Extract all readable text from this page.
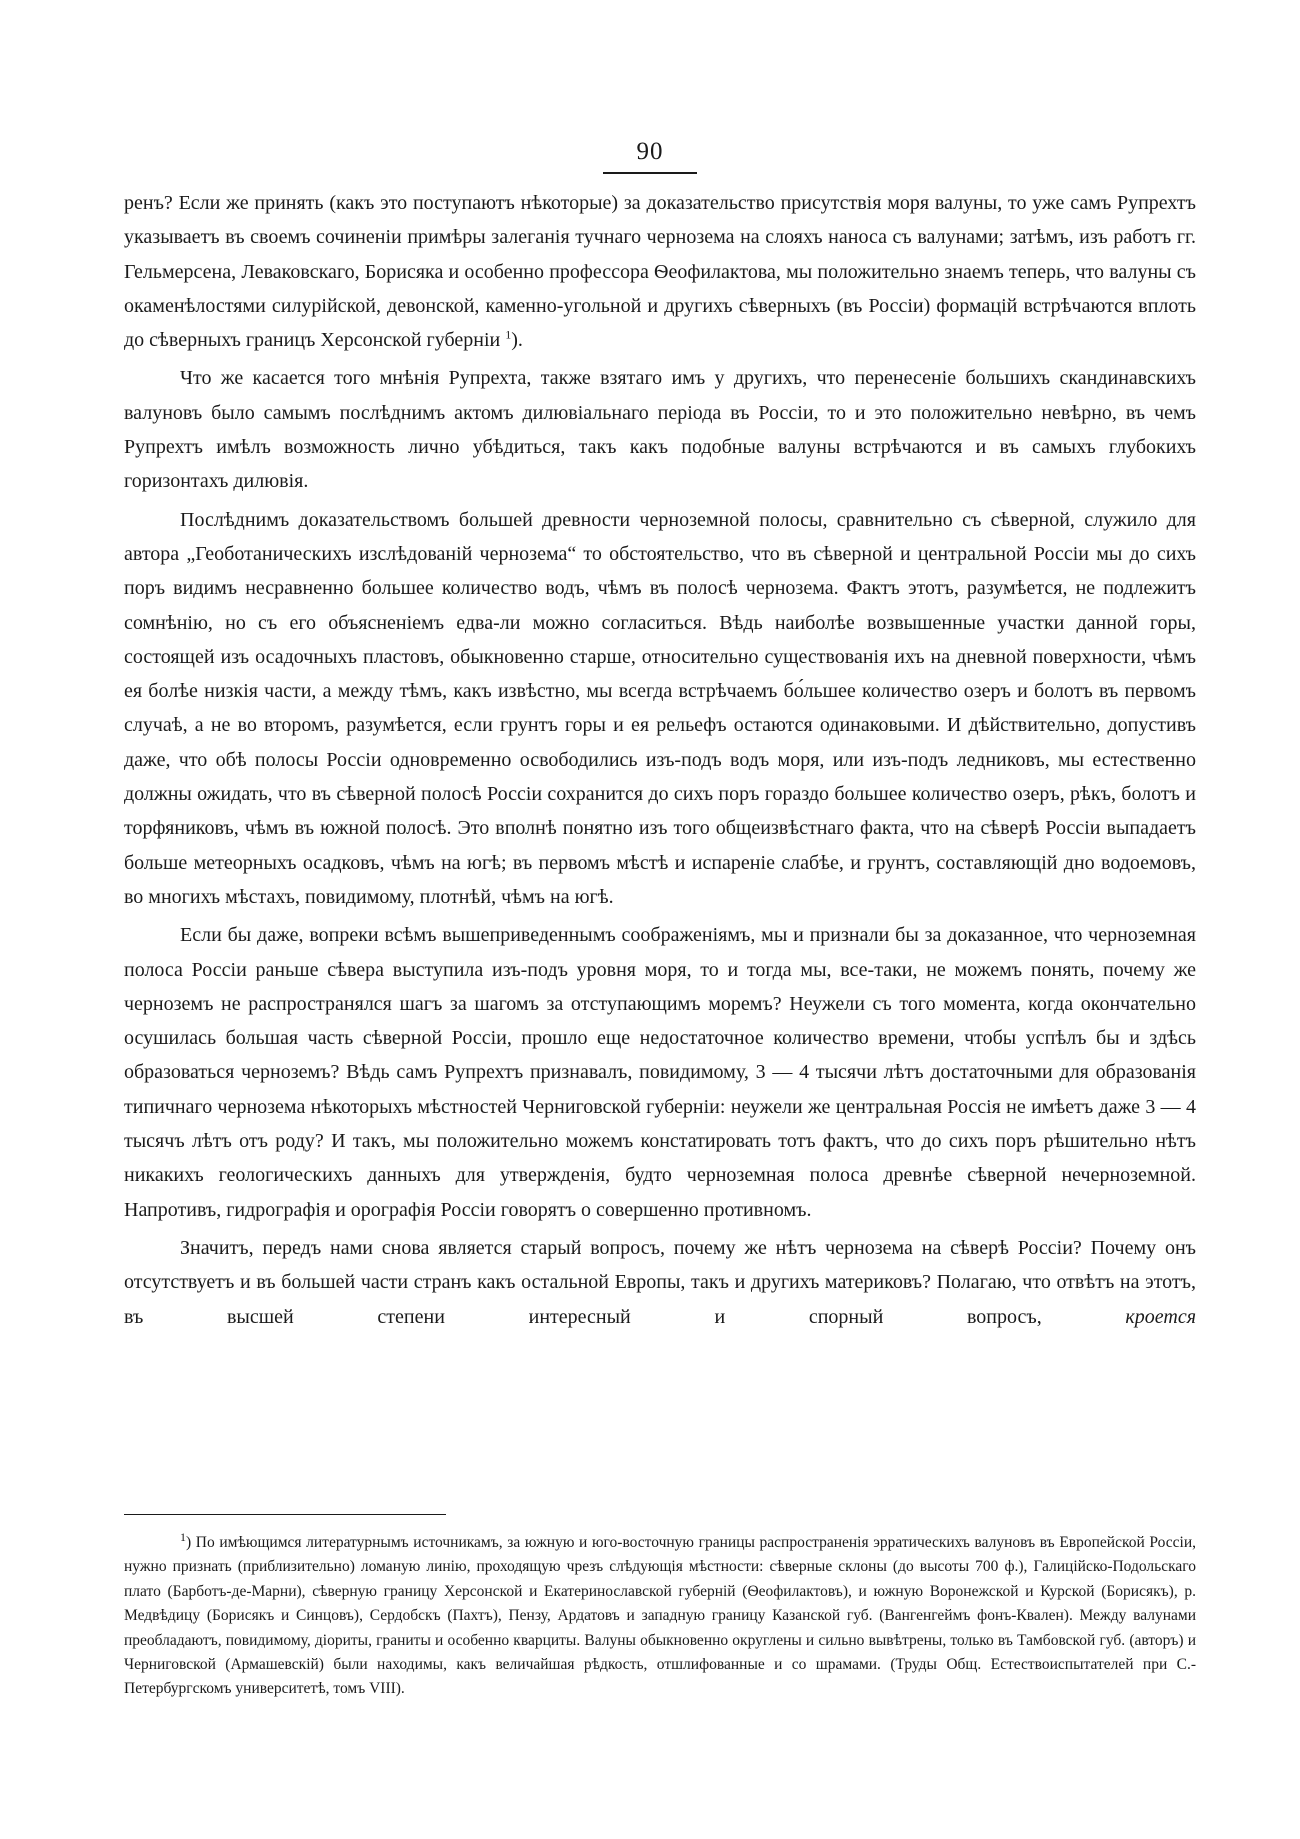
90

ренъ? Если же принять (какъ это поступаютъ нѣкоторые) за доказательство присутствія моря валуны, то уже самъ Рупрехтъ указываетъ въ своемъ сочиненіи примѣры залеганія тучнаго чернозема на слояхъ наноса съ валунами; затѣмъ, изъ работъ гг. Гельмерсена, Леваковскаго, Борисяка и особенно профессора Ѳеофилактова, мы положительно знаемъ теперь, что валуны съ окаменѣлостями силурійской, девонской, каменно-угольной и другихъ сѣверныхъ (въ Россіи) формацій встрѣчаются вплоть до сѣверныхъ границъ Херсонской губерніи $^1$).

Что же касается того мнѣнія Рупрехта, также взятаго имъ у другихъ, что перенесеніе большихъ скандинавскихъ валуновъ было самымъ послѣднимъ актомъ дилювіальнаго періода въ Россіи, то и это положительно невѣрно, въ чемъ Рупрехтъ имѣлъ возможность лично убѣдиться, такъ какъ подобные валуны встрѣчаются и въ самыхъ глубокихъ горизонтахъ дилювія.

Послѣднимъ доказательствомъ большей древности черноземной полосы, сравнительно съ сѣверной, служило для автора „Геоботаническихъ изслѣдованій чернозема“ то обстоятельство, что въ сѣверной и центральной Россіи мы до сихъ поръ видимъ несравненно большее количество водъ, чѣмъ въ полосѣ чернозема. Фактъ этотъ, разумѣется, не подлежитъ сомнѣнію, но съ его объясненіемъ едва-ли можно согласиться. Вѣдь наиболѣе возвышенные участки данной горы, состоящей изъ осадочныхъ пластовъ, обыкновенно старше, относительно существованія ихъ на дневной поверхности, чѣмъ ея болѣе низкія части, а между тѣмъ, какъ извѣстно, мы всегда встрѣчаемъ бо́льшее количество озеръ и болотъ въ первомъ случаѣ, а не во второмъ, разумѣется, если грунтъ горы и ея рельефъ остаются одинаковыми. И дѣйствительно, допустивъ даже, что обѣ полосы Россіи одновременно освободились изъ-подъ водъ моря, или изъ-подъ ледниковъ, мы естественно должны ожидать, что въ сѣверной полосѣ Россіи сохранится до сихъ поръ гораздо большее количество озеръ, рѣкъ, болотъ и торфяниковъ, чѣмъ въ южной полосѣ. Это вполнѣ понятно изъ того общеизвѣстнаго факта, что на сѣверѣ Россіи выпадаетъ больше метеорныхъ осадковъ, чѣмъ на югѣ; въ первомъ мѣстѣ и испареніе слабѣе, и грунтъ, составляющій дно водоемовъ, во многихъ мѣстахъ, повидимому, плотнѣй, чѣмъ на югѣ.

Если бы даже, вопреки всѣмъ вышеприведеннымъ соображеніямъ, мы и признали бы за доказанное, что черноземная полоса Россіи раньше сѣвера выступила изъ-подъ уровня моря, то и тогда мы, все-таки, не можемъ понять, почему же черноземъ не распространялся шагъ за шагомъ за отступающимъ моремъ? Неужели съ того момента, когда окончательно осушилась большая часть сѣверной Россіи, прошло еще недостаточное количество времени, чтобы успѣлъ бы и здѣсь образоваться черноземъ? Вѣдь самъ Рупрехтъ признавалъ, повидимому, 3 — 4 тысячи лѣтъ достаточными для образованія типичнаго чернозема нѣкоторыхъ мѣстностей Черниговской губерніи: неужели же центральная Россія не имѣетъ даже 3 — 4 тысячъ лѣтъ отъ роду? И такъ, мы положительно можемъ констатировать тотъ фактъ, что до сихъ поръ рѣшительно нѣтъ никакихъ геологическихъ данныхъ для утвержденія, будто черноземная полоса древнѣе сѣверной нечерноземной. Напротивъ, гидрографія и орографія Россіи говорятъ о совершенно противномъ.

Значитъ, передъ нами снова является старый вопросъ, почему же нѣтъ чернозема на сѣверѣ Россіи? Почему онъ отсутствуетъ и въ большей части странъ какъ остальной Европы, такъ и другихъ материковъ? Полагаю, что отвѣтъ на этотъ, въ высшей степени интересный и спорный вопросъ,	кроется

$^1$) По имѣющимся литературнымъ источникамъ, за южную и юго-восточную границы распространенія эрратическихъ валуновъ въ Европейской Россіи, нужно признать (приблизительно) ломаную линію, проходящую чрезъ слѣдующія мѣстности: сѣверные склоны (до высоты 700 ф.), Галиційско-Подольскаго плато (Барботъ-де-Марни), сѣверную границу Херсонской и Екатеринославской губерній (Ѳеофилактовъ), и южную Воронежской и Курской (Борисякъ), р. Медвѣдицу (Борисякъ и Синцовъ), Сердобскъ (Пахтъ), Пензу, Ардатовъ и западную границу Казанской губ. (Вангенгеймъ фонъ-Квален). Между валунами преобладаютъ, повидимому, діориты, граниты и особенно кварциты. Валуны обыкновенно округлены и сильно вывѣтрены, только въ Тамбовской губ. (авторъ) и Черниговской (Армашевскій) были находимы, какъ величайшая рѣдкость, отшлифованные и со шрамами. (Труды Общ. Естествоиспытателей при С.-Петербургскомъ университетѣ, томъ VIII).
